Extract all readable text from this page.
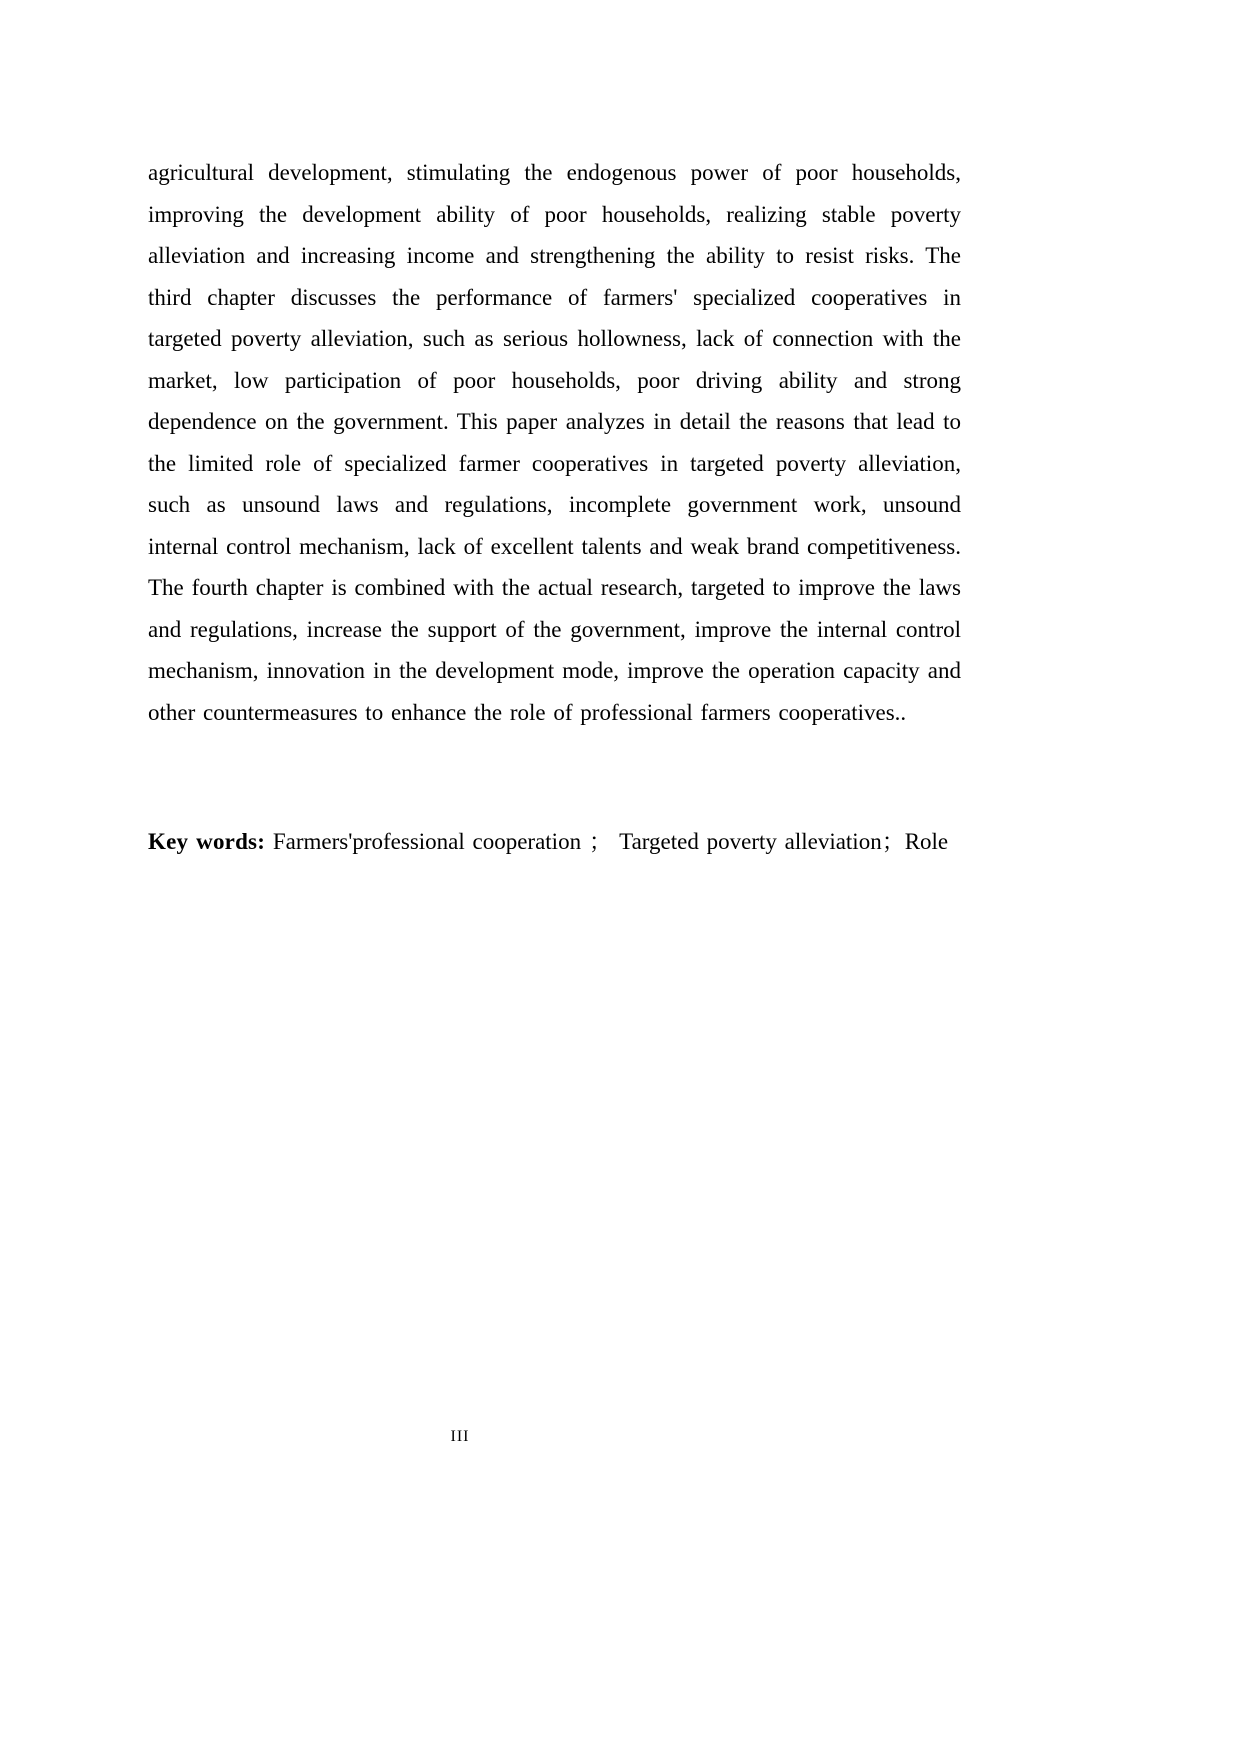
agricultural development, stimulating the endogenous power of poor households, improving the development ability of poor households, realizing stable poverty alleviation and increasing income and strengthening the ability to resist risks. The third chapter discusses the performance of farmers' specialized cooperatives in targeted poverty alleviation, such as serious hollowness, lack of connection with the market, low participation of poor households, poor driving ability and strong dependence on the government. This paper analyzes in detail the reasons that lead to the limited role of specialized farmer cooperatives in targeted poverty alleviation, such as unsound laws and regulations, incomplete government work, unsound internal control mechanism, lack of excellent talents and weak brand competitiveness. The fourth chapter is combined with the actual research, targeted to improve the laws and regulations, increase the support of the government, improve the internal control mechanism, innovation in the development mode, improve the operation capacity and other countermeasures to enhance the role of professional farmers cooperatives..

Key words: Farmers'professional cooperation ； Targeted poverty alleviation；Role

III
